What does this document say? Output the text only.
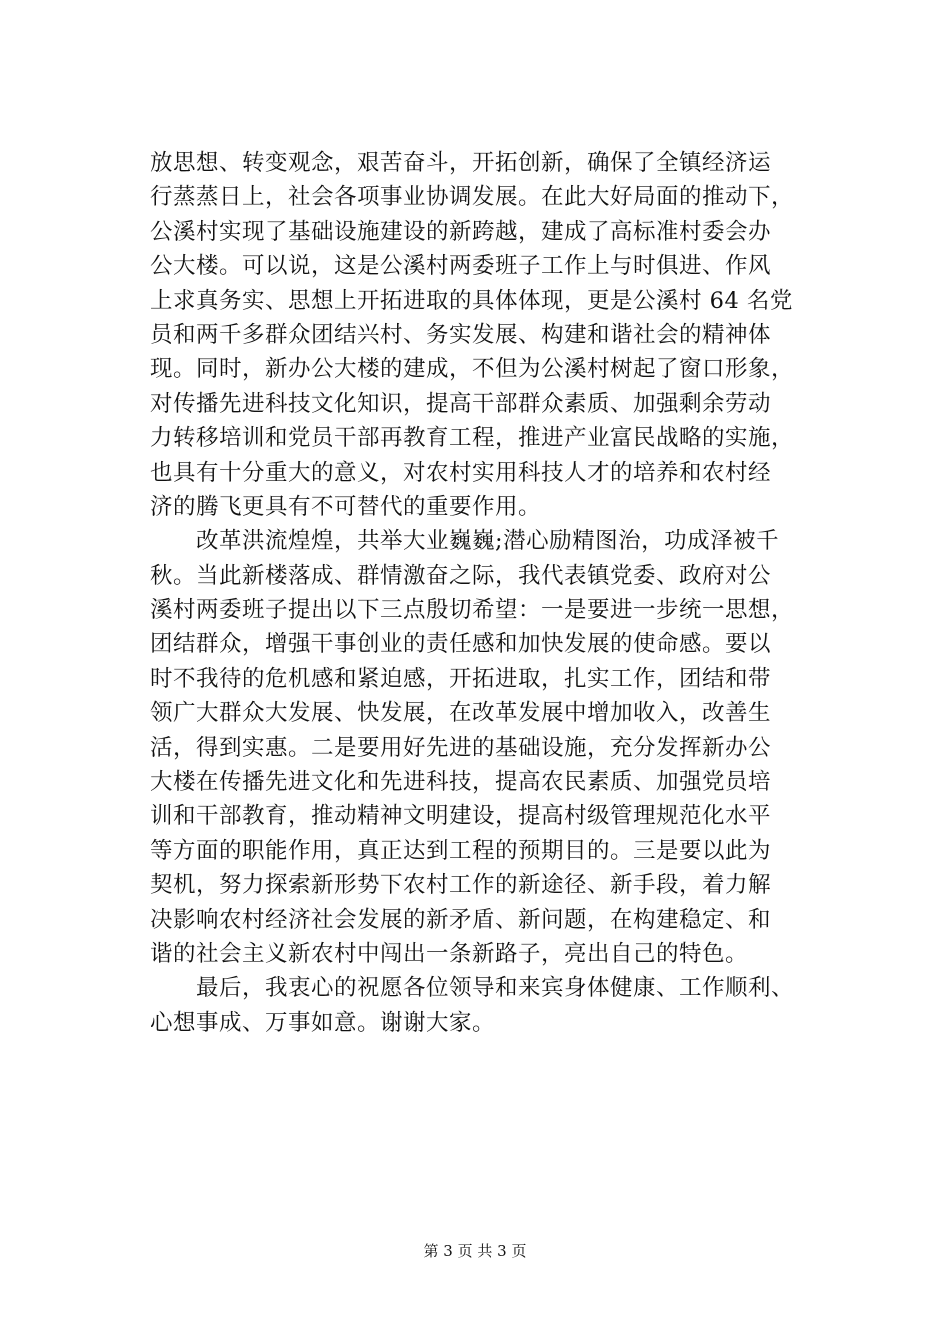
放思想、转变观念，艰苦奋斗，开拓创新，确保了全镇经济运
行蒸蒸日上，社会各项事业协调发展。在此大好局面的推动下，
公溪村实现了基础设施建设的新跨越，建成了高标准村委会办
公大楼。可以说，这是公溪村两委班子工作上与时俱进、作风
上求真务实、思想上开拓进取的具体体现，更是公溪村 64 名党
员和两千多群众团结兴村、务实发展、构建和谐社会的精神体
现。同时，新办公大楼的建成，不但为公溪村树起了窗口形象，
对传播先进科技文化知识，提高干部群众素质、加强剩余劳动
力转移培训和党员干部再教育工程，推进产业富民战略的实施，
也具有十分重大的意义，对农村实用科技人才的培养和农村经
济的腾飞更具有不可替代的重要作用。
　　改革洪流煌煌，共举大业巍巍;潜心励精图治，功成泽被千
秋。当此新楼落成、群情激奋之际，我代表镇党委、政府对公
溪村两委班子提出以下三点殷切希望：一是要进一步统一思想，
团结群众，增强干事创业的责任感和加快发展的使命感。要以
时不我待的危机感和紧迫感，开拓进取，扎实工作，团结和带
领广大群众大发展、快发展，在改革发展中增加收入，改善生
活，得到实惠。二是要用好先进的基础设施，充分发挥新办公
大楼在传播先进文化和先进科技，提高农民素质、加强党员培
训和干部教育，推动精神文明建设，提高村级管理规范化水平
等方面的职能作用，真正达到工程的预期目的。三是要以此为
契机，努力探索新形势下农村工作的新途径、新手段，着力解
决影响农村经济社会发展的新矛盾、新问题，在构建稳定、和
谐的社会主义新农村中闯出一条新路子，亮出自己的特色。
　　最后，我衷心的祝愿各位领导和来宾身体健康、工作顺利、
心想事成、万事如意。谢谢大家。
第 3 页 共 3 页
